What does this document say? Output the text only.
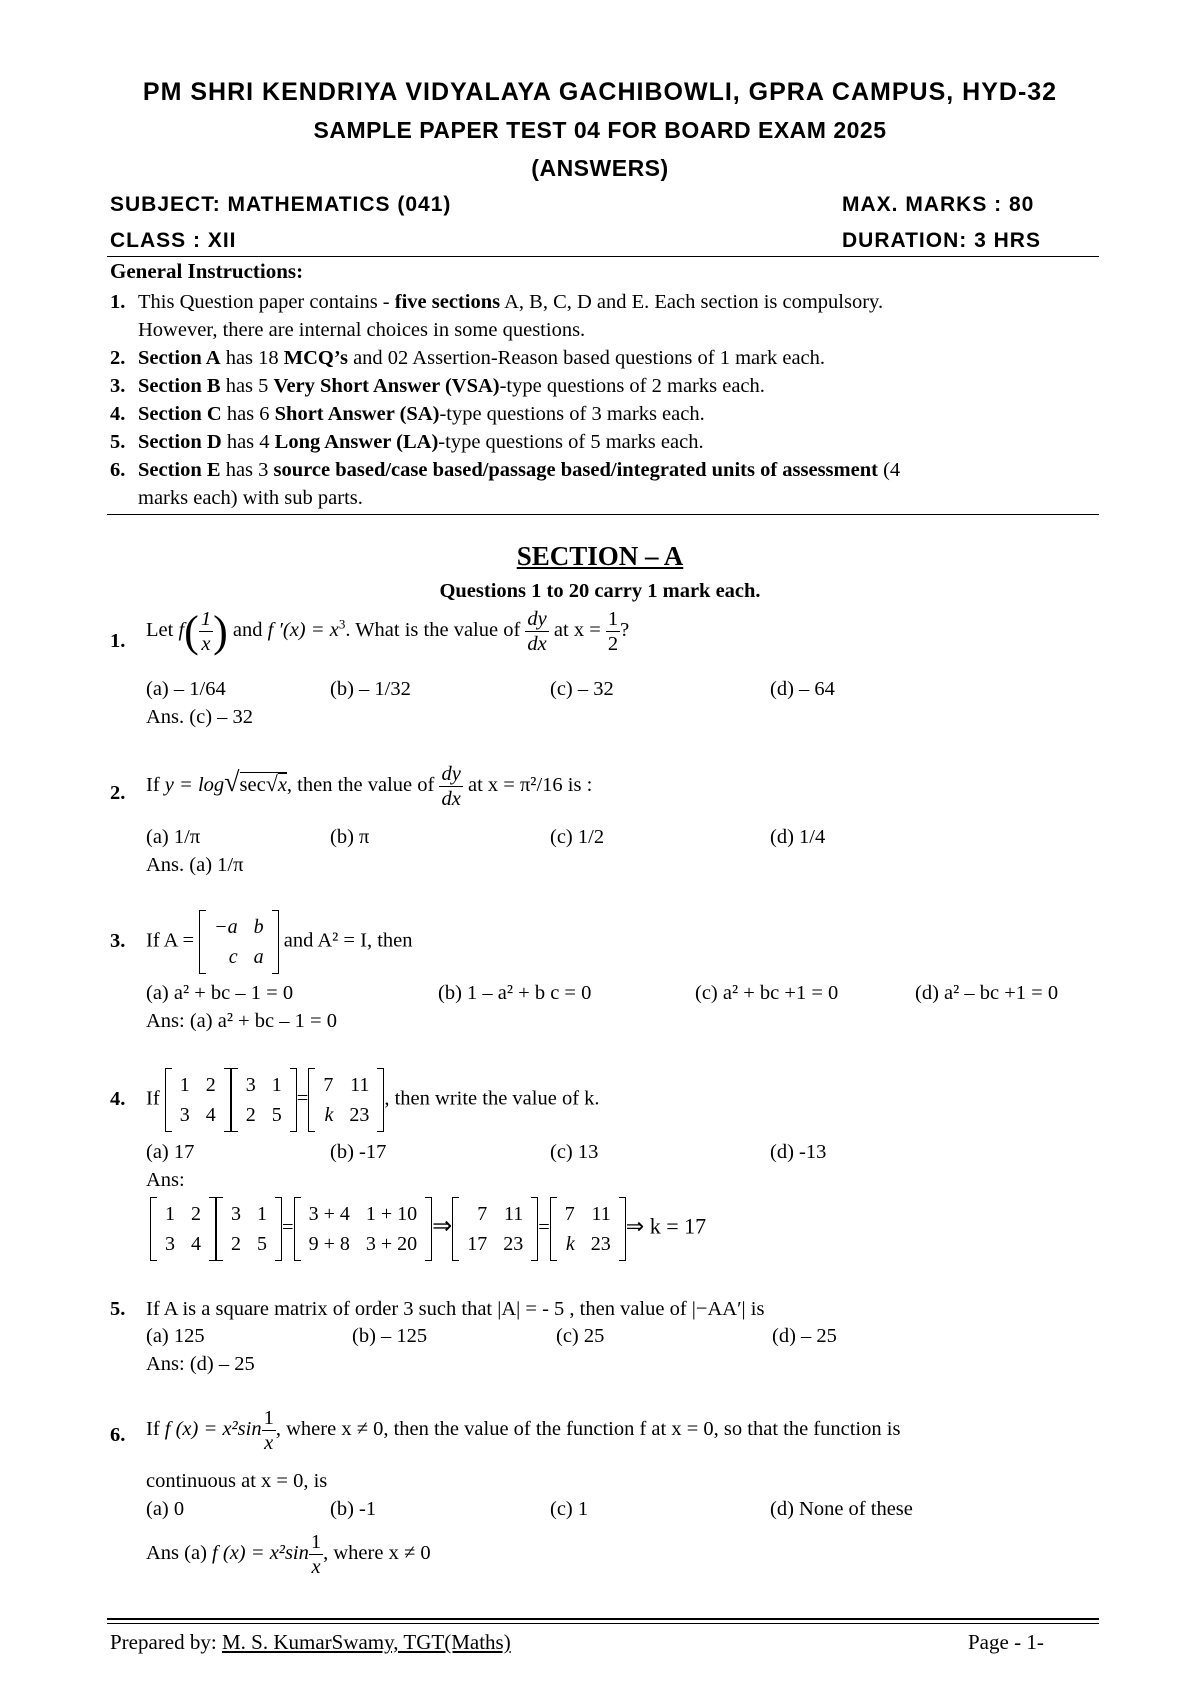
PM SHRI KENDRIYA VIDYALAYA GACHIBOWLI, GPRA CAMPUS, HYD-32
SAMPLE PAPER TEST 04 FOR BOARD EXAM 2025
(ANSWERS)
SUBJECT: MATHEMATICS (041)	MAX. MARKS : 80
CLASS : XII	DURATION: 3 HRS
General Instructions:
1. This Question paper contains - five sections A, B, C, D and E. Each section is compulsory.
However, there are internal choices in some questions.
2. Section A has 18 MCQ’s and 02 Assertion-Reason based questions of 1 mark each.
3. Section B has 5 Very Short Answer (VSA)-type questions of 2 marks each.
4. Section C has 6 Short Answer (SA)-type questions of 3 marks each.
5. Section D has 4 Long Answer (LA)-type questions of 5 marks each.
6. Section E has 3 source based/case based/passage based/integrated units of assessment (4
marks each) with sub parts.
SECTION – A
Questions 1 to 20 carry 1 mark each.
1. Let $f( \frac{1}{x}$ ) and f $'(x) = x^3$. What is the value of $\frac{dy}{dx}$ at $x = \frac{1}{2}$ ?
(a) – 1/64	(b) – 1/32	(c) – 32	(d) – 64
Ans. (c) – 32
2. If y = log√sec√x, then the value of $\frac{dy}{dx}$ at x = π²/16 is :
(a) 1/π	(b) π	(c) 1/2	(d) 1/4
Ans. (a) 1/π
3. If A =
−a	b
c	a
and A² = I, then
(a) a² + bc – 1 = 0	(b) 1 – a² + b c = 0	(c) a² + bc +1 = 0	(d) a² – bc +1 = 0
Ans: (a) a² + bc – 1 = 0
4. If
1	2
3	4
3	1
2	5
=
7	11
k	23
, then write the value of k.
(a) 17	(b) -17	(c) 13	(d) -13
Ans:
1	2
3	4
3	1
2	5
=
3 + 4	1 + 10
9 + 8	3 + 20
⇒ 7	11
17	23
=
7	11
k	23
⇒ k = 17
5. If A is a square matrix of order 3 such that |A| = - 5 , then value of |−AA′| is
(a) 125	(b) – 125	(c) 25	(d) – 25
Ans: (d) – 25
6. If f $(x) = x^2\sin \frac{1}{x}$ , where x ≠ 0, then the value of the function f at x = 0, so that the function is
continuous at x = 0, is
(a) 0	(b) -1	(c) 1	(d) None of these
Ans (a) f $(x) = x^2\sin \frac{1}{x}$ , where x ≠ 0
Prepared by: M. S. KumarSwamy, TGT(Maths)	Page - 1-
